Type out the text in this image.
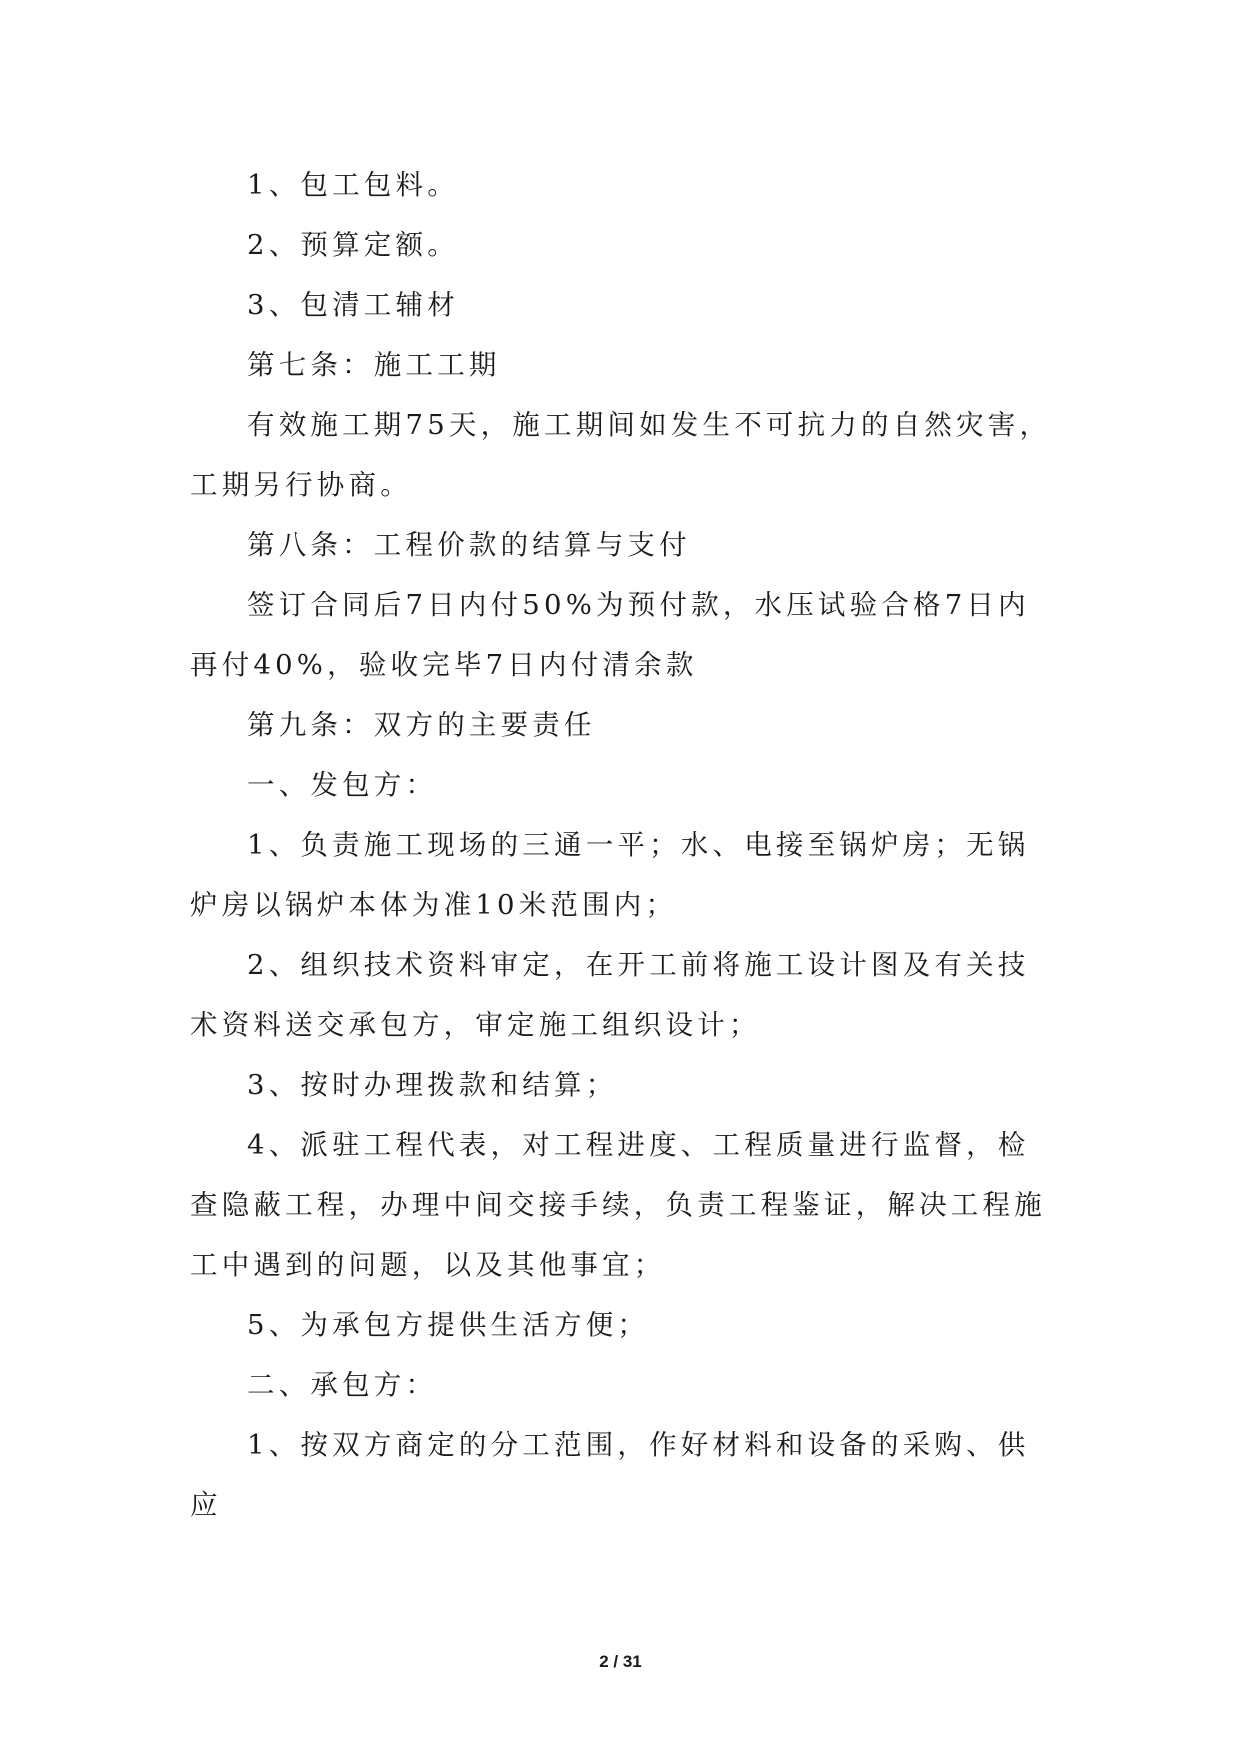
1、包工包料。

2、预算定额。

3、包清工辅材

第七条：施工工期

有效施工期75天，施工期间如发生不可抗力的自然灾害，工期另行协商。

第八条：工程价款的结算与支付

签订合同后7日内付50%为预付款，水压试验合格7日内再付40%，验收完毕7日内付清余款

第九条：双方的主要责任

一、发包方：

1、负责施工现场的三通一平；水、电接至锅炉房；无锅炉房以锅炉本体为准10米范围内；

2、组织技术资料审定，在开工前将施工设计图及有关技术资料送交承包方，审定施工组织设计；

3、按时办理拨款和结算；

4、派驻工程代表，对工程进度、工程质量进行监督，检查隐蔽工程，办理中间交接手续，负责工程鉴证，解决工程施工中遇到的问题，以及其他事宜；

5、为承包方提供生活方便；

二、承包方：

1、按双方商定的分工范围，作好材料和设备的采购、供应

2 / 31
